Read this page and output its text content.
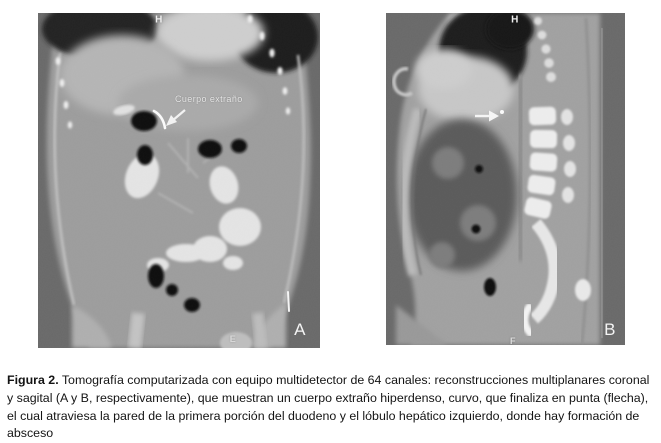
H
Cuerpo extraño
E	A
H
F
B

Figura 2. Tomografía computarizada con equipo multidetector de 64 canales: reconstrucciones multiplanares coronal y sagital (A y B, respectivamente), que muestran un cuerpo extraño hiperdenso, curvo, que finaliza en punta (flecha), el cual atraviesa la pared de la primera porción del duodeno y el lóbulo hepático izquierdo, donde hay formación de absceso
